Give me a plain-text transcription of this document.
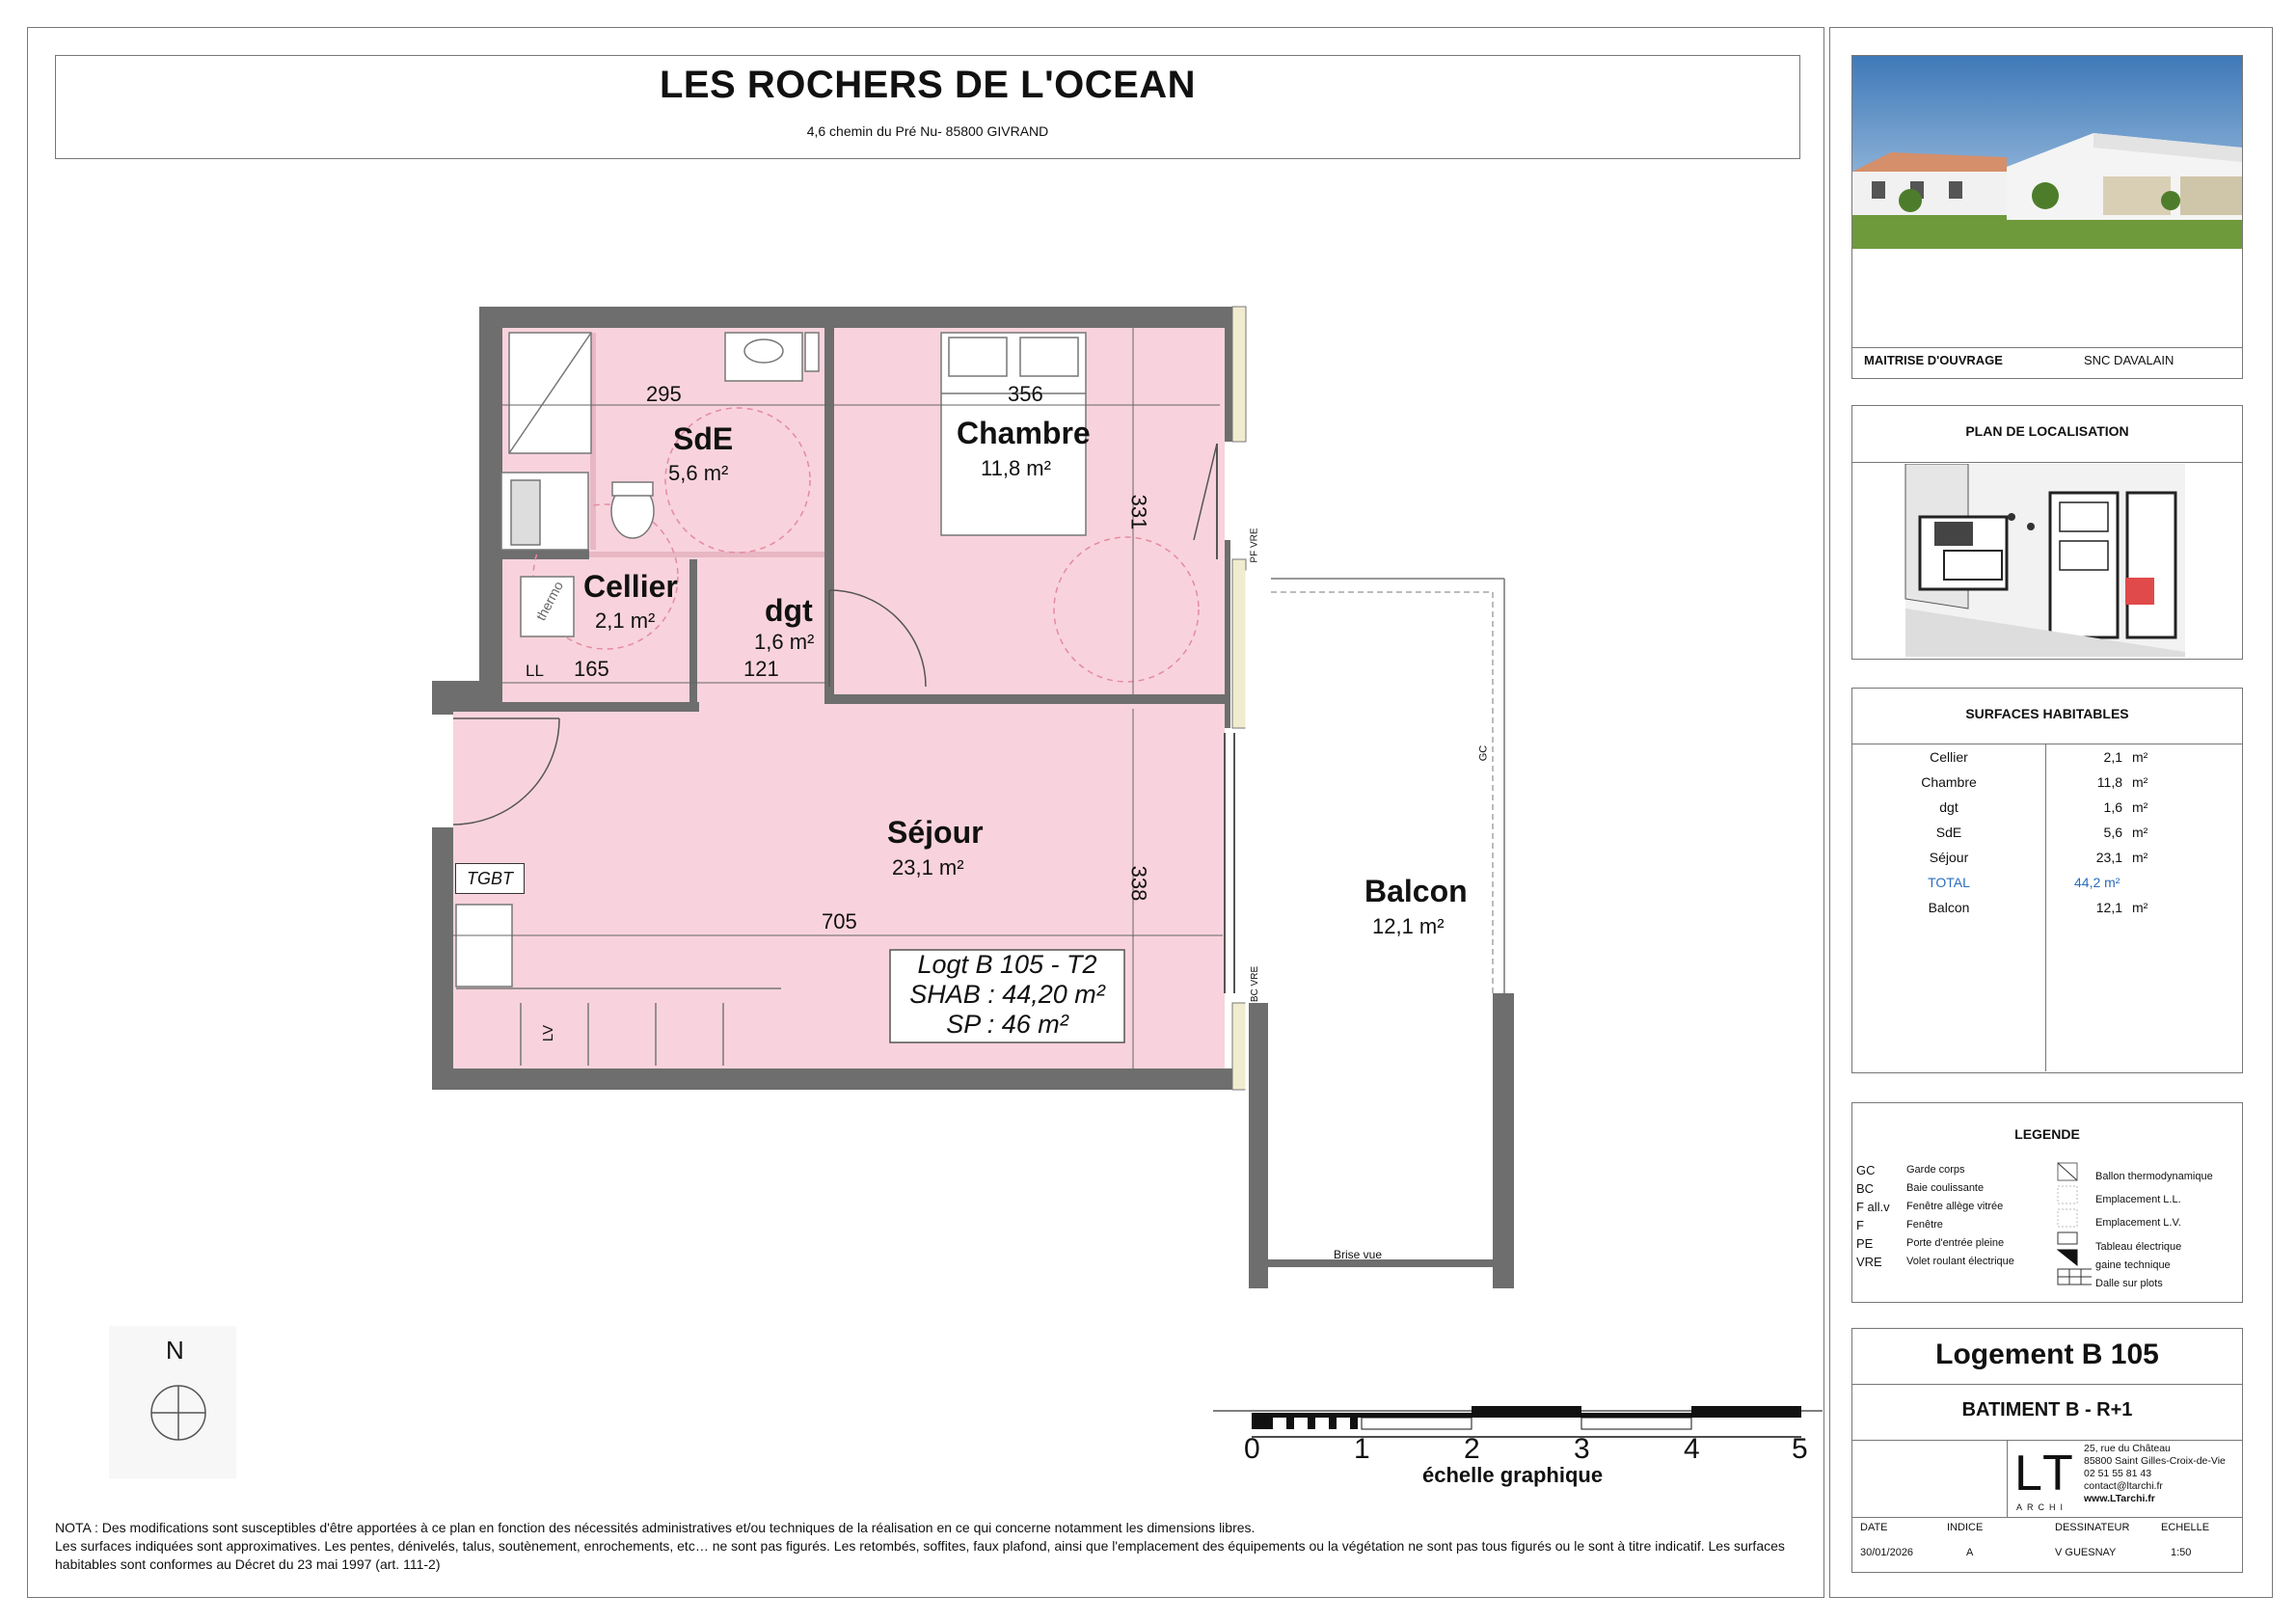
LES ROCHERS DE L'OCEAN
4,6 chemin du Pré Nu- 85800 GIVRAND
SdE
5,6 m²
Chambre
11,8 m²
Cellier
2,1 m²	dgt
1,6 m²
Séjour
23,1 m²
Balcon
12,1 m²
295	356
331
165	121
705
338
LL
LV
TGBT
thermo
GC
PF VRE
BC VRE
Brise vue
Logt B 105 - T2
SHAB : 44,20 m²
SP : 46 m²
N
0	1	2	3	4	5
échelle graphique
NOTA : Des modifications sont susceptibles d'être apportées à ce plan en fonction des nécessités administratives et/ou techniques de la réalisation en ce qui concerne notamment les dimensions libres.
Les surfaces indiquées sont approximatives. Les pentes, dénivelés, talus, soutènement, enrochements, etc… ne sont pas figurés. Les retombés, soffites, faux plafond, ainsi que l'emplacement des équipements ou la végétation ne sont pas tous figurés ou le sont à titre indicatif. Les surfaces habitables sont conformes au Décret du 23 mai 1997 (art. 111-2)
MAITRISE D'OUVRAGE	SNC DAVALAIN
PLAN DE LOCALISATION
SURFACES HABITABLES
Cellier	2,1 m²
Chambre	11,8 m²
dgt	1,6 m²
SdE	5,6 m²
Séjour	23,1 m²
TOTAL	44,2 m²
Balcon	12,1 m²
LEGENDE
GC	Garde corps
BC	Baie coulissante
F all.v Fenêtre allège vitrée
F	Fenêtre
PE	Porte d'entrée pleine
VRE Volet roulant électrique
Ballon thermodynamique
Emplacement L.L.
Emplacement L.V.
Tableau électrique
gaine technique
Dalle sur plots
Logement B 105
BATIMENT B - R+1
LT
ARCHI
25, rue du Château
85800 Saint Gilles-Croix-de-Vie
02 51 55 81 43
contact@ltarchi.fr
www.LTarchi.fr
DATE	INDICE	DESSINATEUR	ECHELLE
30/01/2026	A	V GUESNAY	1:50
